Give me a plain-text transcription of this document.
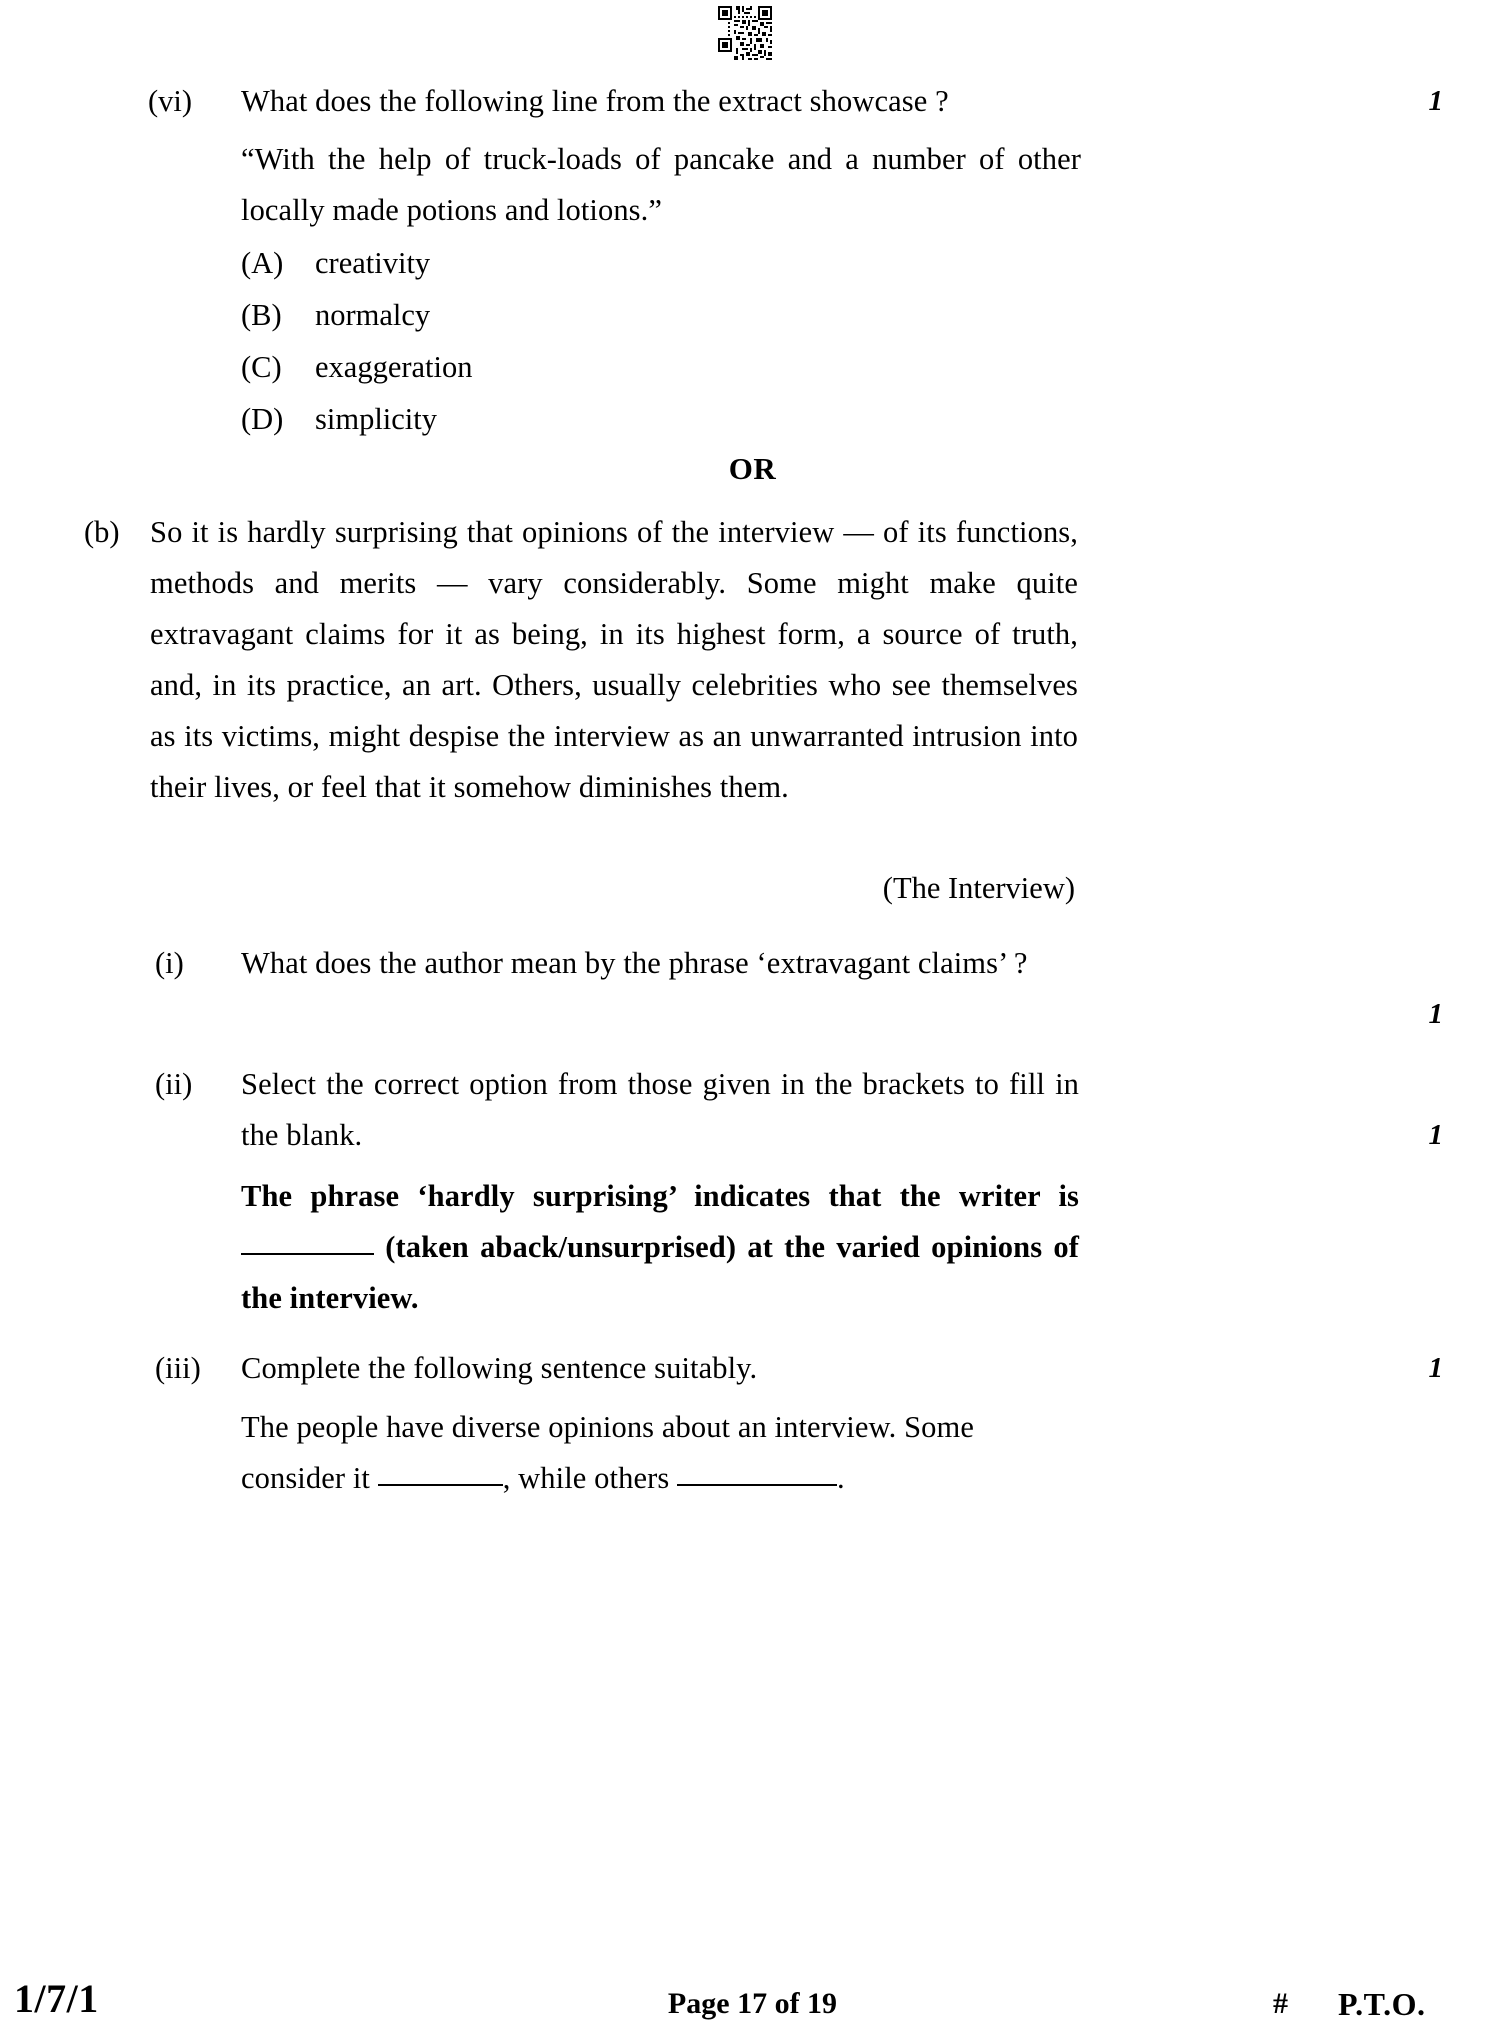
(vi) What does the following line from the extract showcase ?	1
“With the help of truck-loads of pancake and a number of other locally made potions and lotions.”
(A) creativity
(B) normalcy
(C) exaggeration
(D) simplicity
OR
(b) So it is hardly surprising that opinions of the interview — of its functions, methods and merits — vary considerably. Some might make quite extravagant claims for it as being, in its highest form, a source of truth, and, in its practice, an art. Others, usually celebrities who see themselves as its victims, might despise the interview as an unwarranted intrusion into their lives, or feel that it somehow diminishes them.
(The Interview)
(i) What does the author mean by the phrase ‘extravagant claims’ ?
1
(ii) Select the correct option from those given in the brackets to fill in the blank.	1
The phrase ‘hardly surprising’ indicates that the writer is  (taken aback/unsurprised) at the varied opinions of the interview.
(iii) Complete the following sentence suitably.	1
The people have diverse opinions about an interview. Some
consider it	, while others	.
1/7/1	Page 17 of 19	# P.T.O.
